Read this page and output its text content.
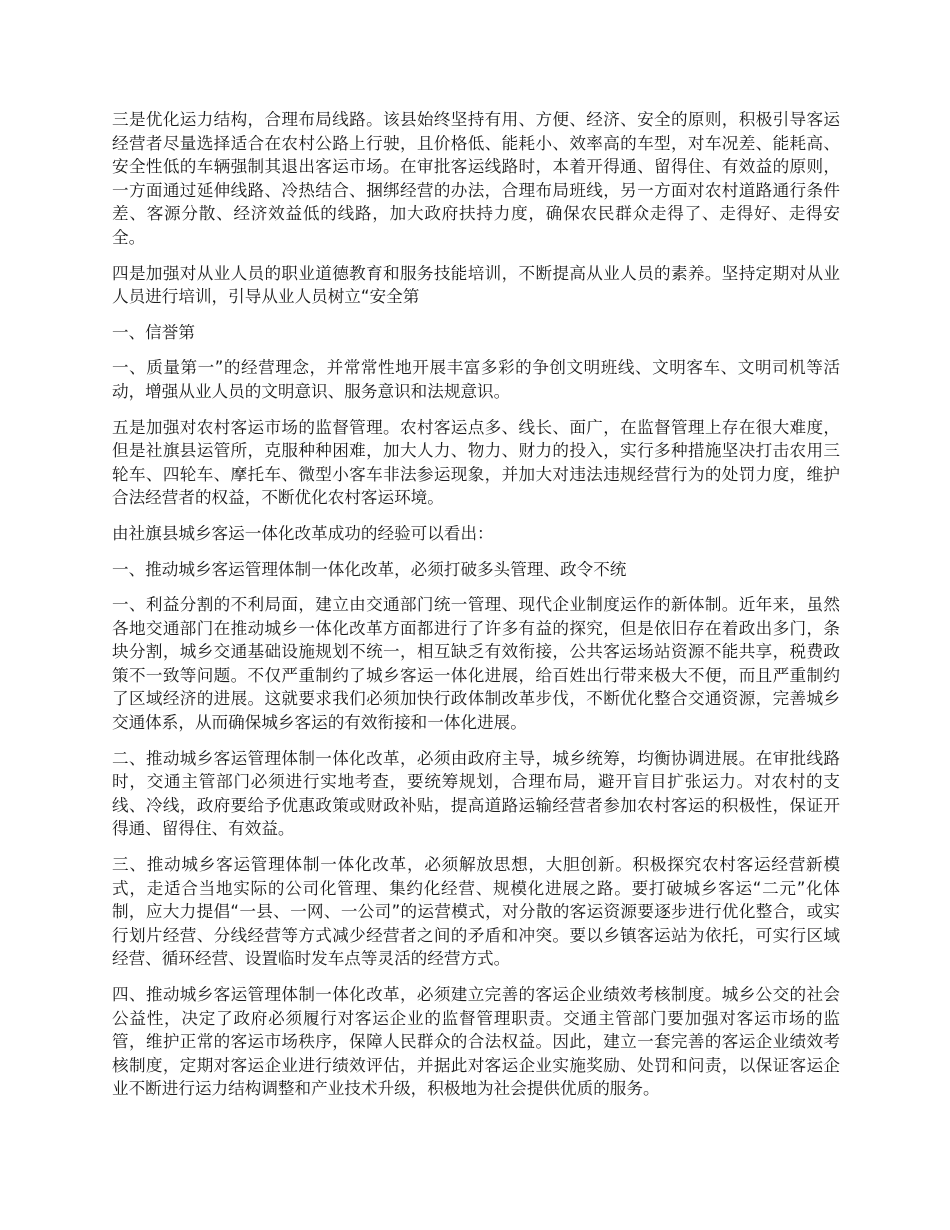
三是优化运力结构，合理布局线路。该县始终坚持有用、方便、经济、安全的原则，积极引导客运经营者尽量选择适合在农村公路上行驶，且价格低、能耗小、效率高的车型，对车况差、能耗高、安全性低的车辆强制其退出客运市场。在审批客运线路时，本着开得通、留得住、有效益的原则，一方面通过延伸线路、冷热结合、捆绑经营的办法，合理布局班线，另一方面对农村道路通行条件差、客源分散、经济效益低的线路，加大政府扶持力度，确保农民群众走得了、走得好、走得安全。

四是加强对从业人员的职业道德教育和服务技能培训，不断提高从业人员的素养。坚持定期对从业人员进行培训，引导从业人员树立“安全第

一、信誉第

一、质量第一”的经营理念，并常常性地开展丰富多彩的争创文明班线、文明客车、文明司机等活动，增强从业人员的文明意识、服务意识和法规意识。

五是加强对农村客运市场的监督管理。农村客运点多、线长、面广，在监督管理上存在很大难度，但是社旗县运管所，克服种种困难，加大人力、物力、财力的投入，实行多种措施坚决打击农用三轮车、四轮车、摩托车、微型小客车非法参运现象，并加大对违法违规经营行为的处罚力度，维护合法经营者的权益，不断优化农村客运环境。

由社旗县城乡客运一体化改革成功的经验可以看出：

一、推动城乡客运管理体制一体化改革，必须打破多头管理、政令不统

一、利益分割的不利局面，建立由交通部门统一管理、现代企业制度运作的新体制。近年来，虽然各地交通部门在推动城乡一体化改革方面都进行了许多有益的探究，但是依旧存在着政出多门，条块分割，城乡交通基础设施规划不统一，相互缺乏有效衔接，公共客运场站资源不能共享，税费政策不一致等问题。不仅严重制约了城乡客运一体化进展，给百姓出行带来极大不便，而且严重制约了区域经济的进展。这就要求我们必须加快行政体制改革步伐，不断优化整合交通资源，完善城乡交通体系，从而确保城乡客运的有效衔接和一体化进展。

二、推动城乡客运管理体制一体化改革，必须由政府主导，城乡统筹，均衡协调进展。在审批线路时，交通主管部门必须进行实地考查，要统筹规划，合理布局，避开盲目扩张运力。对农村的支线、冷线，政府要给予优惠政策或财政补贴，提高道路运输经营者参加农村客运的积极性，保证开得通、留得住、有效益。

三、推动城乡客运管理体制一体化改革，必须解放思想，大胆创新。积极探究农村客运经营新模式，走适合当地实际的公司化管理、集约化经营、规模化进展之路。要打破城乡客运“二元”化体制，应大力提倡“一县、一网、一公司”的运营模式，对分散的客运资源要逐步进行优化整合，或实行划片经营、分线经营等方式减少经营者之间的矛盾和冲突。要以乡镇客运站为依托，可实行区域经营、循环经营、设置临时发车点等灵活的经营方式。

四、推动城乡客运管理体制一体化改革，必须建立完善的客运企业绩效考核制度。城乡公交的社会公益性，决定了政府必须履行对客运企业的监督管理职责。交通主管部门要加强对客运市场的监管，维护正常的客运市场秩序，保障人民群众的合法权益。因此，建立一套完善的客运企业绩效考核制度，定期对客运企业进行绩效评估，并据此对客运企业实施奖励、处罚和问责，以保证客运企业不断进行运力结构调整和产业技术升级，积极地为社会提供优质的服务。
